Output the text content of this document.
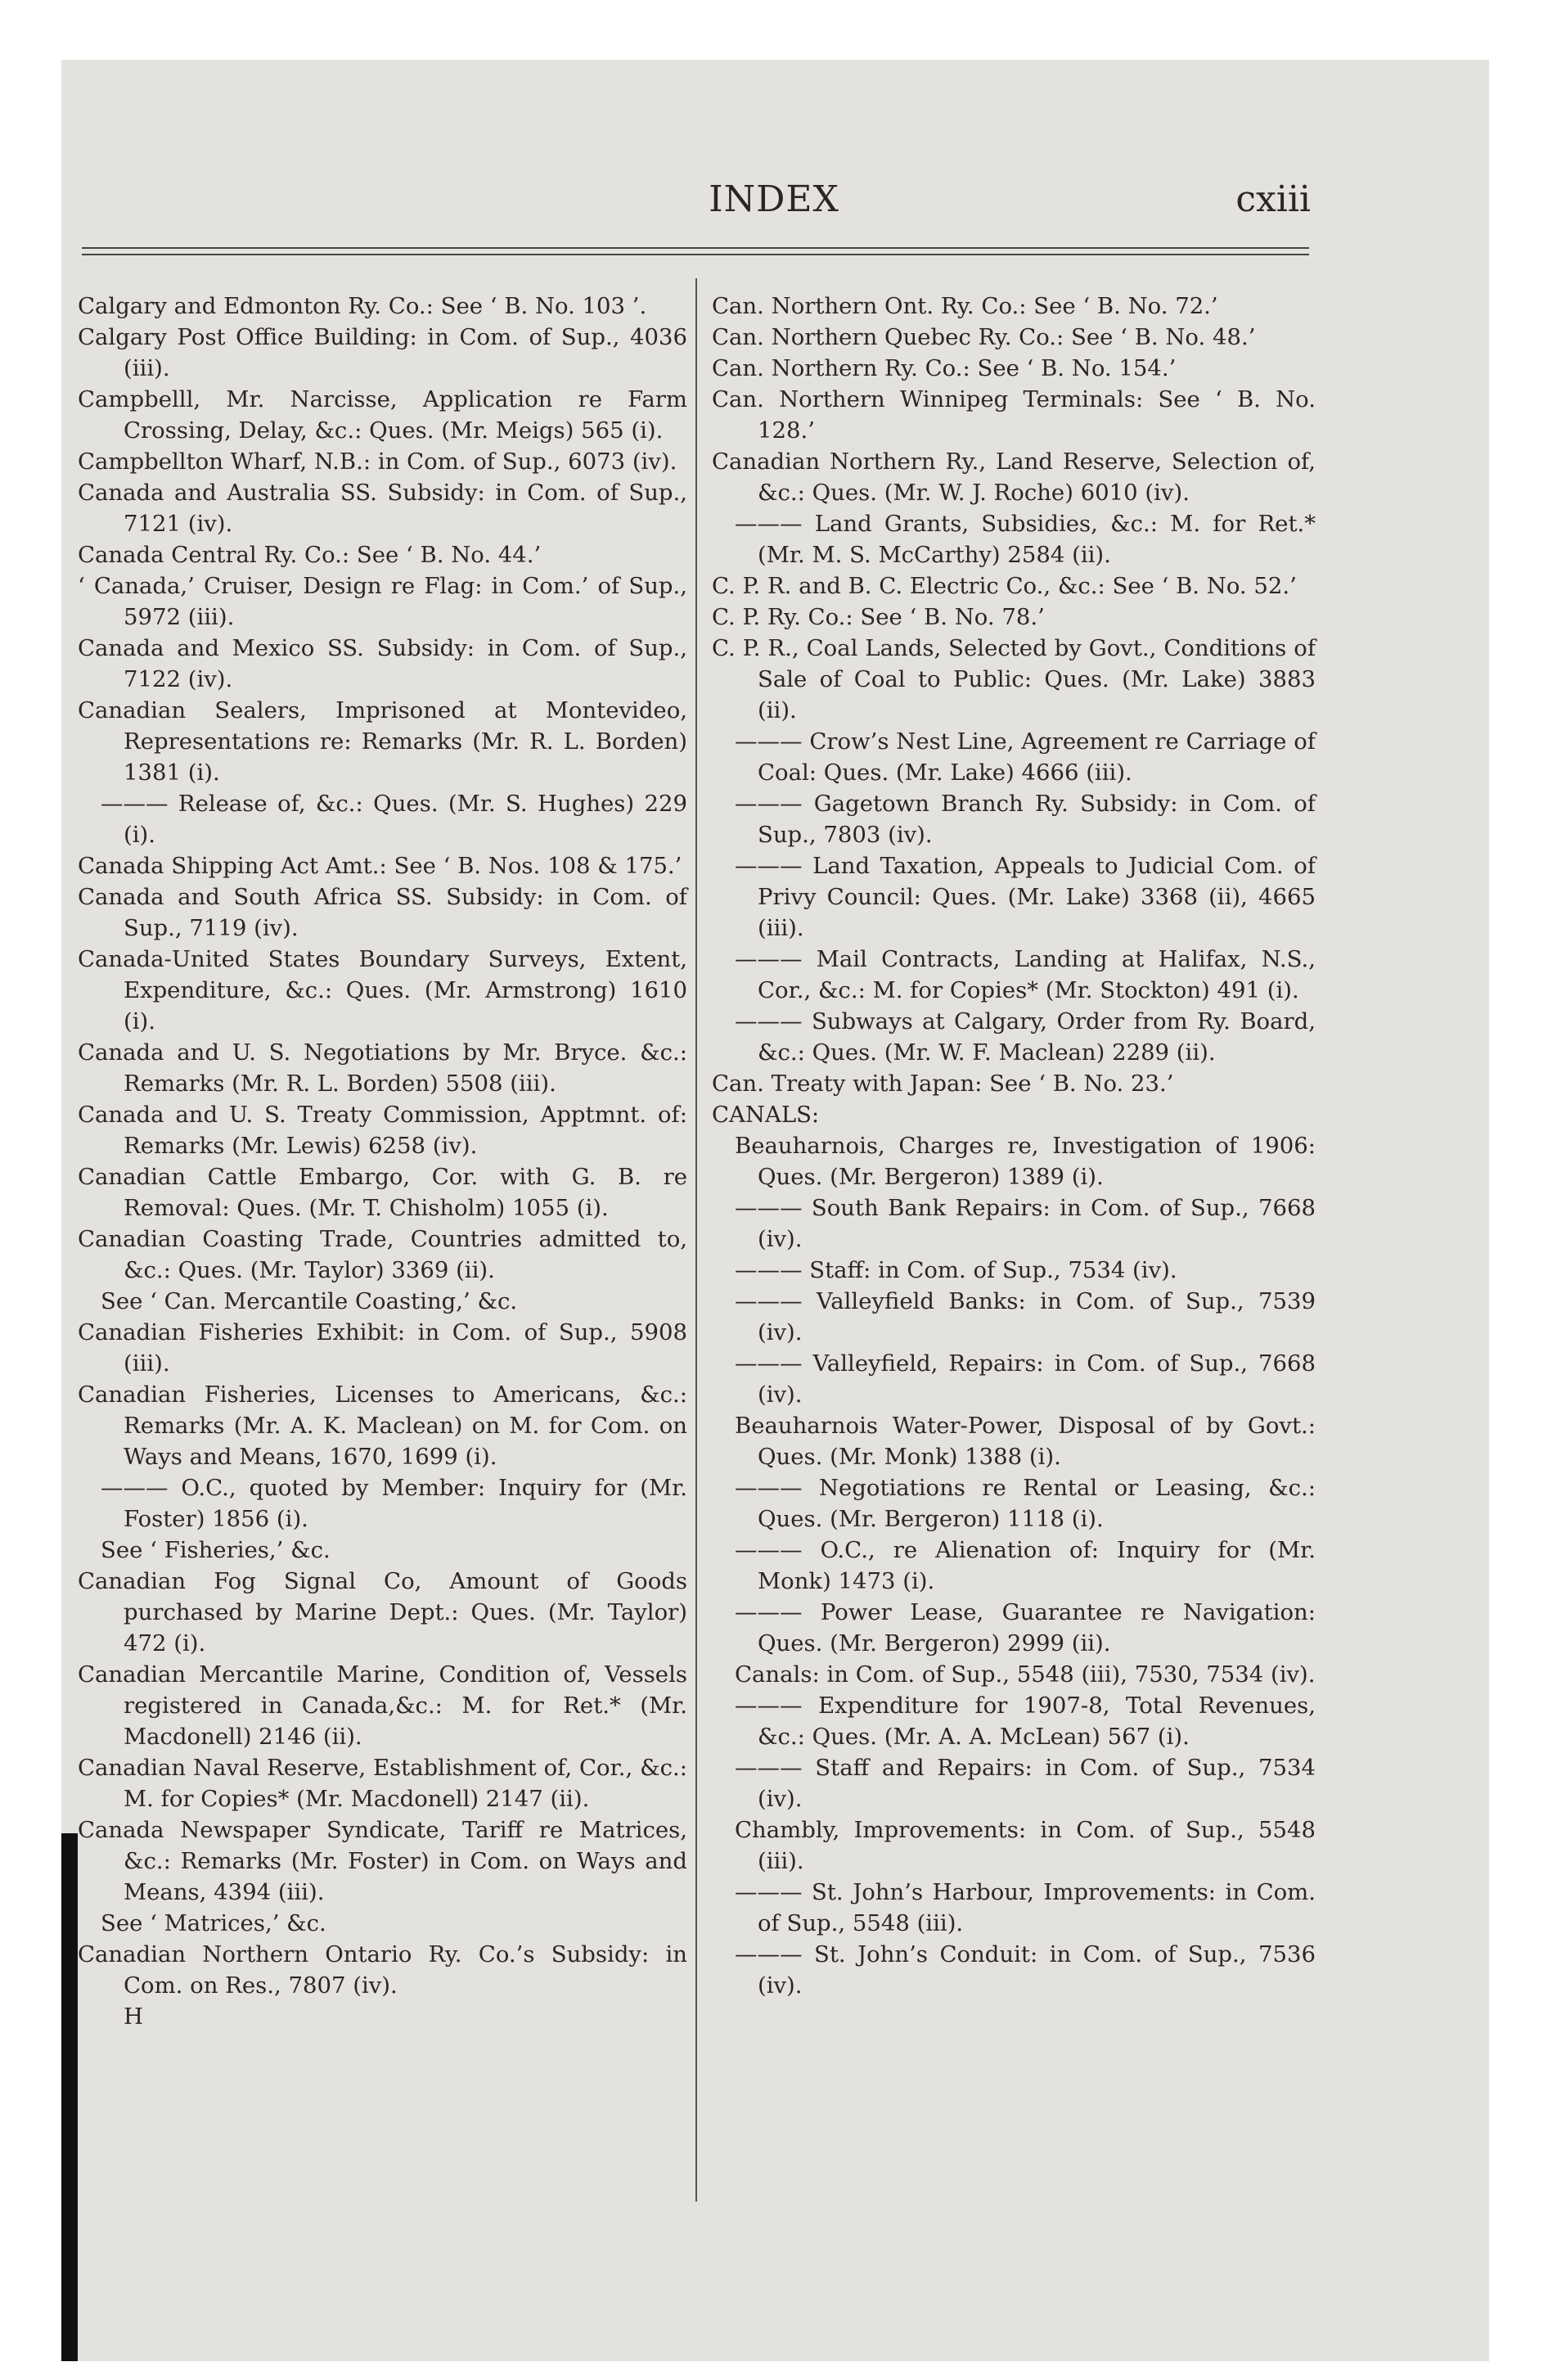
INDEX	cxiii

Calgary and Edmonton Ry. Co.: See ‘ B. No. 103 ’.

Calgary Post Office Building: in Com. of Sup., 4036 (iii).

Campbelll, Mr. Narcisse, Application re Farm Crossing, Delay, &c.: Ques. (Mr. Meigs) 565 (i).

Campbellton Wharf, N.B.: in Com. of Sup., 6073 (iv).

Canada and Australia SS. Subsidy: in Com. of Sup., 7121 (iv).

Canada Central Ry. Co.: See ‘ B. No. 44.’

‘ Canada,’ Cruiser, Design re Flag: in Com.’ of Sup., 5972 (iii).

Canada and Mexico SS. Subsidy: in Com. of Sup., 7122 (iv).

Canadian Sealers, Imprisoned at Montevideo, Representations re: Remarks (Mr. R. L. Borden) 1381 (i).

——— Release of, &c.: Ques. (Mr. S. Hughes) 229 (i).

Canada Shipping Act Amt.: See ‘ B. Nos. 108 & 175.’

Canada and South Africa SS. Subsidy: in Com. of Sup., 7119 (iv).

Canada-United States Boundary Surveys, Extent, Expenditure, &c.: Ques. (Mr. Armstrong) 1610 (i).

Canada and U. S. Negotiations by Mr. Bryce. &c.: Remarks (Mr. R. L. Borden) 5508 (iii).

Canada and U. S. Treaty Commission, Apptmnt. of: Remarks (Mr. Lewis) 6258 (iv).

Canadian Cattle Embargo, Cor. with G. B. re Removal: Ques. (Mr. T. Chisholm) 1055 (i).

Canadian Coasting Trade, Countries admitted to, &c.: Ques. (Mr. Taylor) 3369 (ii).

See ‘ Can. Mercantile Coasting,’ &c.

Canadian Fisheries Exhibit: in Com. of Sup., 5908 (iii).

Canadian Fisheries, Licenses to Americans, &c.: Remarks (Mr. A. K. Maclean) on M. for Com. on Ways and Means, 1670, 1699 (i).

——— O.C., quoted by Member: Inquiry for (Mr. Foster) 1856 (i).

See ‘ Fisheries,’ &c.

Canadian Fog Signal Co, Amount of Goods purchased by Marine Dept.: Ques. (Mr. Taylor) 472 (i).

Canadian Mercantile Marine, Condition of, Vessels registered in Canada,&c.: M. for Ret.* (Mr. Macdonell) 2146 (ii).

Canadian Naval Reserve, Establishment of, Cor., &c.: M. for Copies* (Mr. Macdonell) 2147 (ii).

Canada Newspaper Syndicate, Tariff re Matrices, &c.: Remarks (Mr. Foster) in Com. on Ways and Means, 4394 (iii).

See ‘ Matrices,’ &c.

Canadian Northern Ontario Ry. Co.’s Subsidy: in Com. on Res., 7807 (iv).

H

Can. Northern Ont. Ry. Co.: See ‘ B. No. 72.’

Can. Northern Quebec Ry. Co.: See ‘ B. No. 48.’

Can. Northern Ry. Co.: See ‘ B. No. 154.’

Can. Northern Winnipeg Terminals: See ‘ B. No. 128.’

Canadian Northern Ry., Land Reserve, Selection of, &c.: Ques. (Mr. W. J. Roche) 6010 (iv).

——— Land Grants, Subsidies, &c.: M. for Ret.* (Mr. M. S. McCarthy) 2584 (ii).

C. P. R. and B. C. Electric Co., &c.: See ‘ B. No. 52.’

C. P. Ry. Co.: See ‘ B. No. 78.’

C. P. R., Coal Lands, Selected by Govt., Conditions of Sale of Coal to Public: Ques. (Mr. Lake) 3883 (ii).

——— Crow’s Nest Line, Agreement re Carriage of Coal: Ques. (Mr. Lake) 4666 (iii).

——— Gagetown Branch Ry. Subsidy: in Com. of Sup., 7803 (iv).

——— Land Taxation, Appeals to Judicial Com. of Privy Council: Ques. (Mr. Lake) 3368 (ii), 4665 (iii).

——— Mail Contracts, Landing at Halifax, N.S., Cor., &c.: M. for Copies* (Mr. Stockton) 491 (i).

——— Subways at Calgary, Order from Ry. Board, &c.: Ques. (Mr. W. F. Maclean) 2289 (ii).

Can. Treaty with Japan: See ‘ B. No. 23.’

CANALS:

Beauharnois, Charges re, Investigation of 1906: Ques. (Mr. Bergeron) 1389 (i).

——— South Bank Repairs: in Com. of Sup., 7668 (iv).

——— Staff: in Com. of Sup., 7534 (iv).

——— Valleyfield Banks: in Com. of Sup., 7539 (iv).

——— Valleyfield, Repairs: in Com. of Sup., 7668 (iv).

Beauharnois Water-Power, Disposal of by Govt.: Ques. (Mr. Monk) 1388 (i).

——— Negotiations re Rental or Leasing, &c.: Ques. (Mr. Bergeron) 1118 (i).

——— O.C., re Alienation of: Inquiry for (Mr. Monk) 1473 (i).

——— Power Lease, Guarantee re Navigation: Ques. (Mr. Bergeron) 2999 (ii).

Canals: in Com. of Sup., 5548 (iii), 7530, 7534 (iv).

——— Expenditure for 1907-8, Total Revenues, &c.: Ques. (Mr. A. A. McLean) 567 (i).

——— Staff and Repairs: in Com. of Sup., 7534 (iv).

Chambly, Improvements: in Com. of Sup., 5548 (iii).

——— St. John’s Harbour, Improvements: in Com. of Sup., 5548 (iii).

——— St. John’s Conduit: in Com. of Sup., 7536 (iv).
